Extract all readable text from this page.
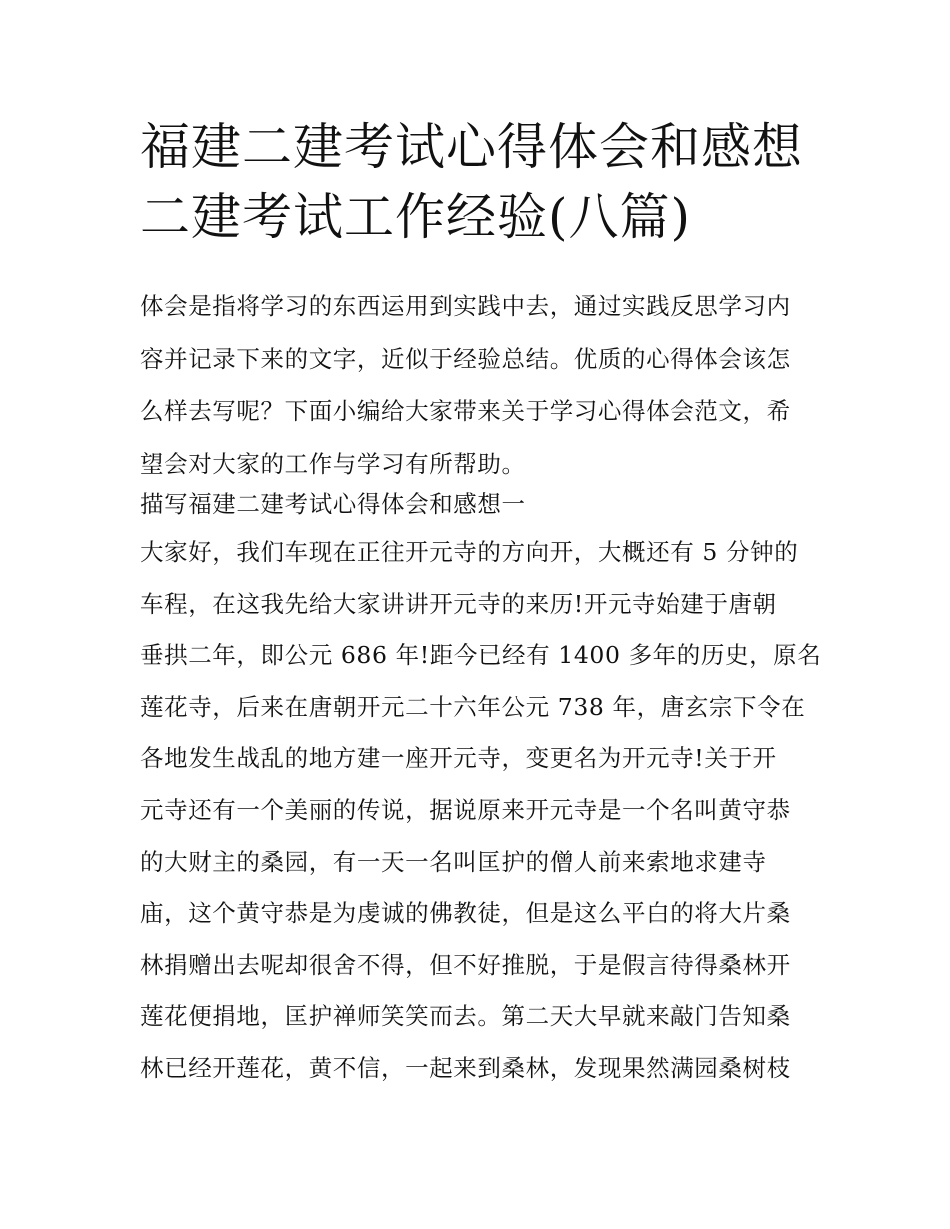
福建二建考试心得体会和感想
二建考试工作经验(八篇)
体会是指将学习的东西运用到实践中去，通过实践反思学习内
容并记录下来的文字，近似于经验总结。优质的心得体会该怎
么样去写呢？下面小编给大家带来关于学习心得体会范文，希
望会对大家的工作与学习有所帮助。
描写福建二建考试心得体会和感想一
大家好，我们车现在正往开元寺的方向开，大概还有 5 分钟的
车程，在这我先给大家讲讲开元寺的来历!开元寺始建于唐朝
垂拱二年，即公元 686 年!距今已经有 1400 多年的历史，原名
莲花寺，后来在唐朝开元二十六年公元 738 年，唐玄宗下令在
各地发生战乱的地方建一座开元寺，变更名为开元寺!关于开
元寺还有一个美丽的传说，据说原来开元寺是一个名叫黄守恭
的大财主的桑园，有一天一名叫匡护的僧人前来索地求建寺
庙，这个黄守恭是为虔诚的佛教徒，但是这么平白的将大片桑
林捐赠出去呢却很舍不得，但不好推脱，于是假言待得桑林开
莲花便捐地，匡护禅师笑笑而去。第二天大早就来敲门告知桑
林已经开莲花，黄不信，一起来到桑林，发现果然满园桑树枝
